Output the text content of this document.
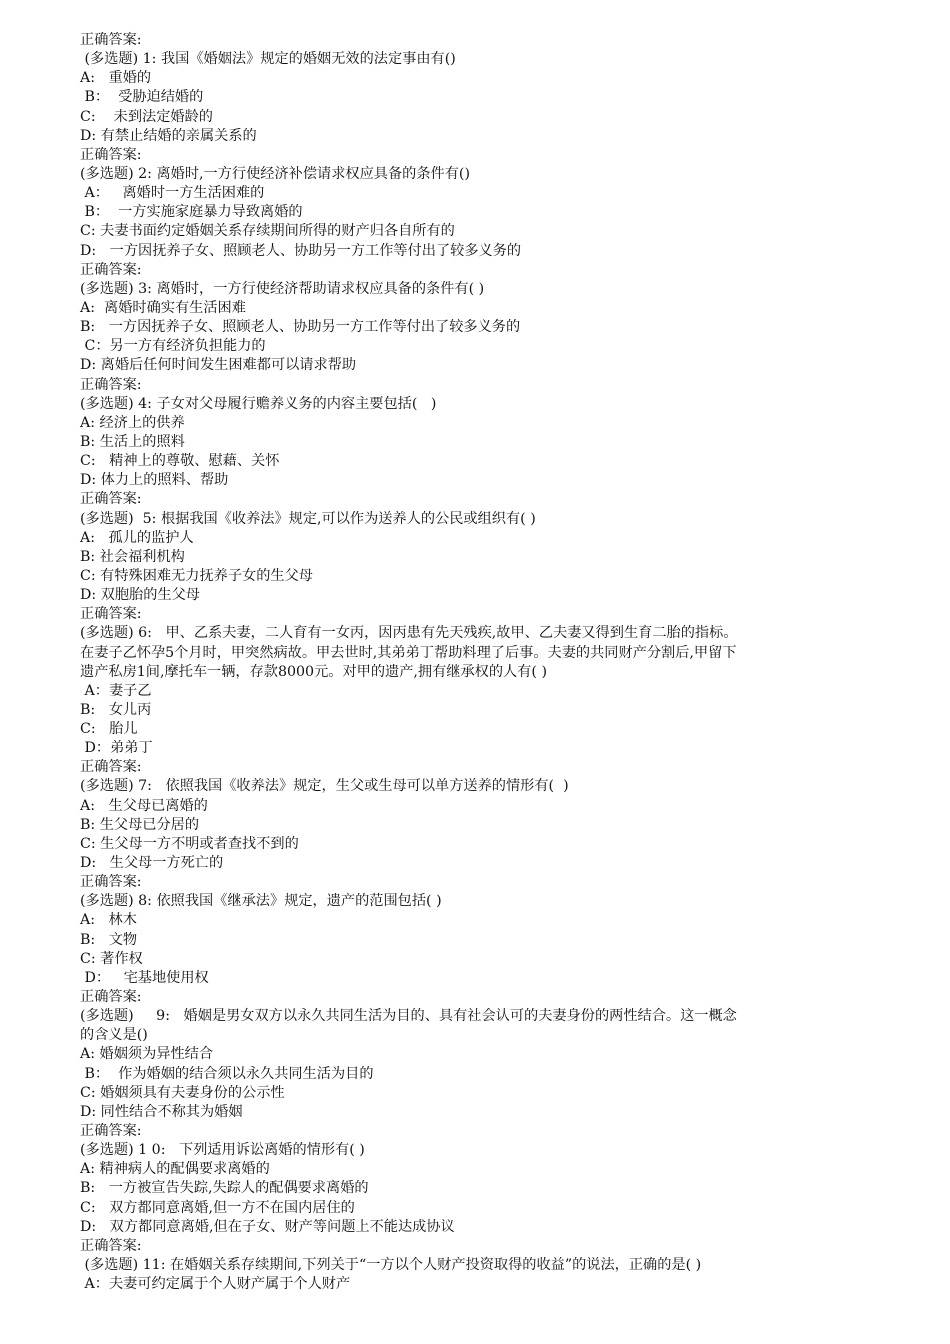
正确答案:
(多选题) 1: 我国《婚姻法》规定的婚姻无效的法定事由有()
A:   重婚的
B：  受胁迫结婚的
C:    未到法定婚龄的
D: 有禁止结婚的亲属关系的
正确答案:
(多选题) 2: 离婚时,一方行使经济补偿请求权应具备的条件有()
A：   离婚时一方生活困难的
B：  一方实施家庭暴力导致离婚的
C: 夫妻书面约定婚姻关系存续期间所得的财产归各自所有的
D:   一方因抚养子女、照顾老人、协助另一方工作等付出了较多义务的
正确答案:
(多选题) 3: 离婚时，一方行使经济帮助请求权应具备的条件有( )
A:  离婚时确实有生活困难
B:   一方因抚养子女、照顾老人、协助另一方工作等付出了较多义务的
C：另一方有经济负担能力的
D: 离婚后任何时间发生困难都可以请求帮助
正确答案:
(多选题) 4: 子女对父母履行赡养义务的内容主要包括(   )
A: 经济上的供养
B: 生活上的照料
C:   精神上的尊敬、慰藉、关怀
D: 体力上的照料、帮助
正确答案:
(多选题)  5: 根据我国《收养法》规定,可以作为送养人的公民或组织有( )
A:   孤儿的监护人
B: 社会福利机构
C: 有特殊困难无力抚养子女的生父母
D: 双胞胎的生父母
正确答案:
(多选题) 6:   甲、乙系夫妻，二人育有一女丙，因丙患有先天残疾,故甲、乙夫妻又得到生育二胎的指标。
在妻子乙怀孕5个月时，甲突然病故。甲去世时,其弟弟丁帮助料理了后事。夫妻的共同财产分割后,甲留下
遗产私房1间,摩托车一辆，存款8000元。对甲的遗产,拥有继承权的人有( )
A：妻子乙
B:   女儿丙
C:   胎儿
D：弟弟丁
正确答案:
(多选题) 7:   依照我国《收养法》规定，生父或生母可以单方送养的情形有(  )
A:   生父母已离婚的
B: 生父母已分居的
C: 生父母一方不明或者查找不到的
D:   生父母一方死亡的
正确答案:
(多选题) 8: 依照我国《继承法》规定，遗产的范围包括( )
A:   林木
B:   文物
C: 著作权
D：   宅基地使用权
正确答案:
(多选题)     9:   婚姻是男女双方以永久共同生活为目的、具有社会认可的夫妻身份的两性结合。这一概念
的含义是()
A: 婚姻须为异性结合
B：  作为婚姻的结合须以永久共同生活为目的
C: 婚姻须具有夫妻身份的公示性
D: 同性结合不称其为婚姻
正确答案:
(多选题) 1 0:   下列适用诉讼离婚的情形有( )
A: 精神病人的配偶要求离婚的
B:   一方被宣告失踪,失踪人的配偶要求离婚的
C:   双方都同意离婚,但一方不在国内居住的
D:   双方都同意离婚,但在子女、财产等问题上不能达成协议
正确答案:
(多选题) 11: 在婚姻关系存续期间,下列关于“一方以个人财产投资取得的收益”的说法，正确的是( )
A：夫妻可约定属于个人财产属于个人财产
